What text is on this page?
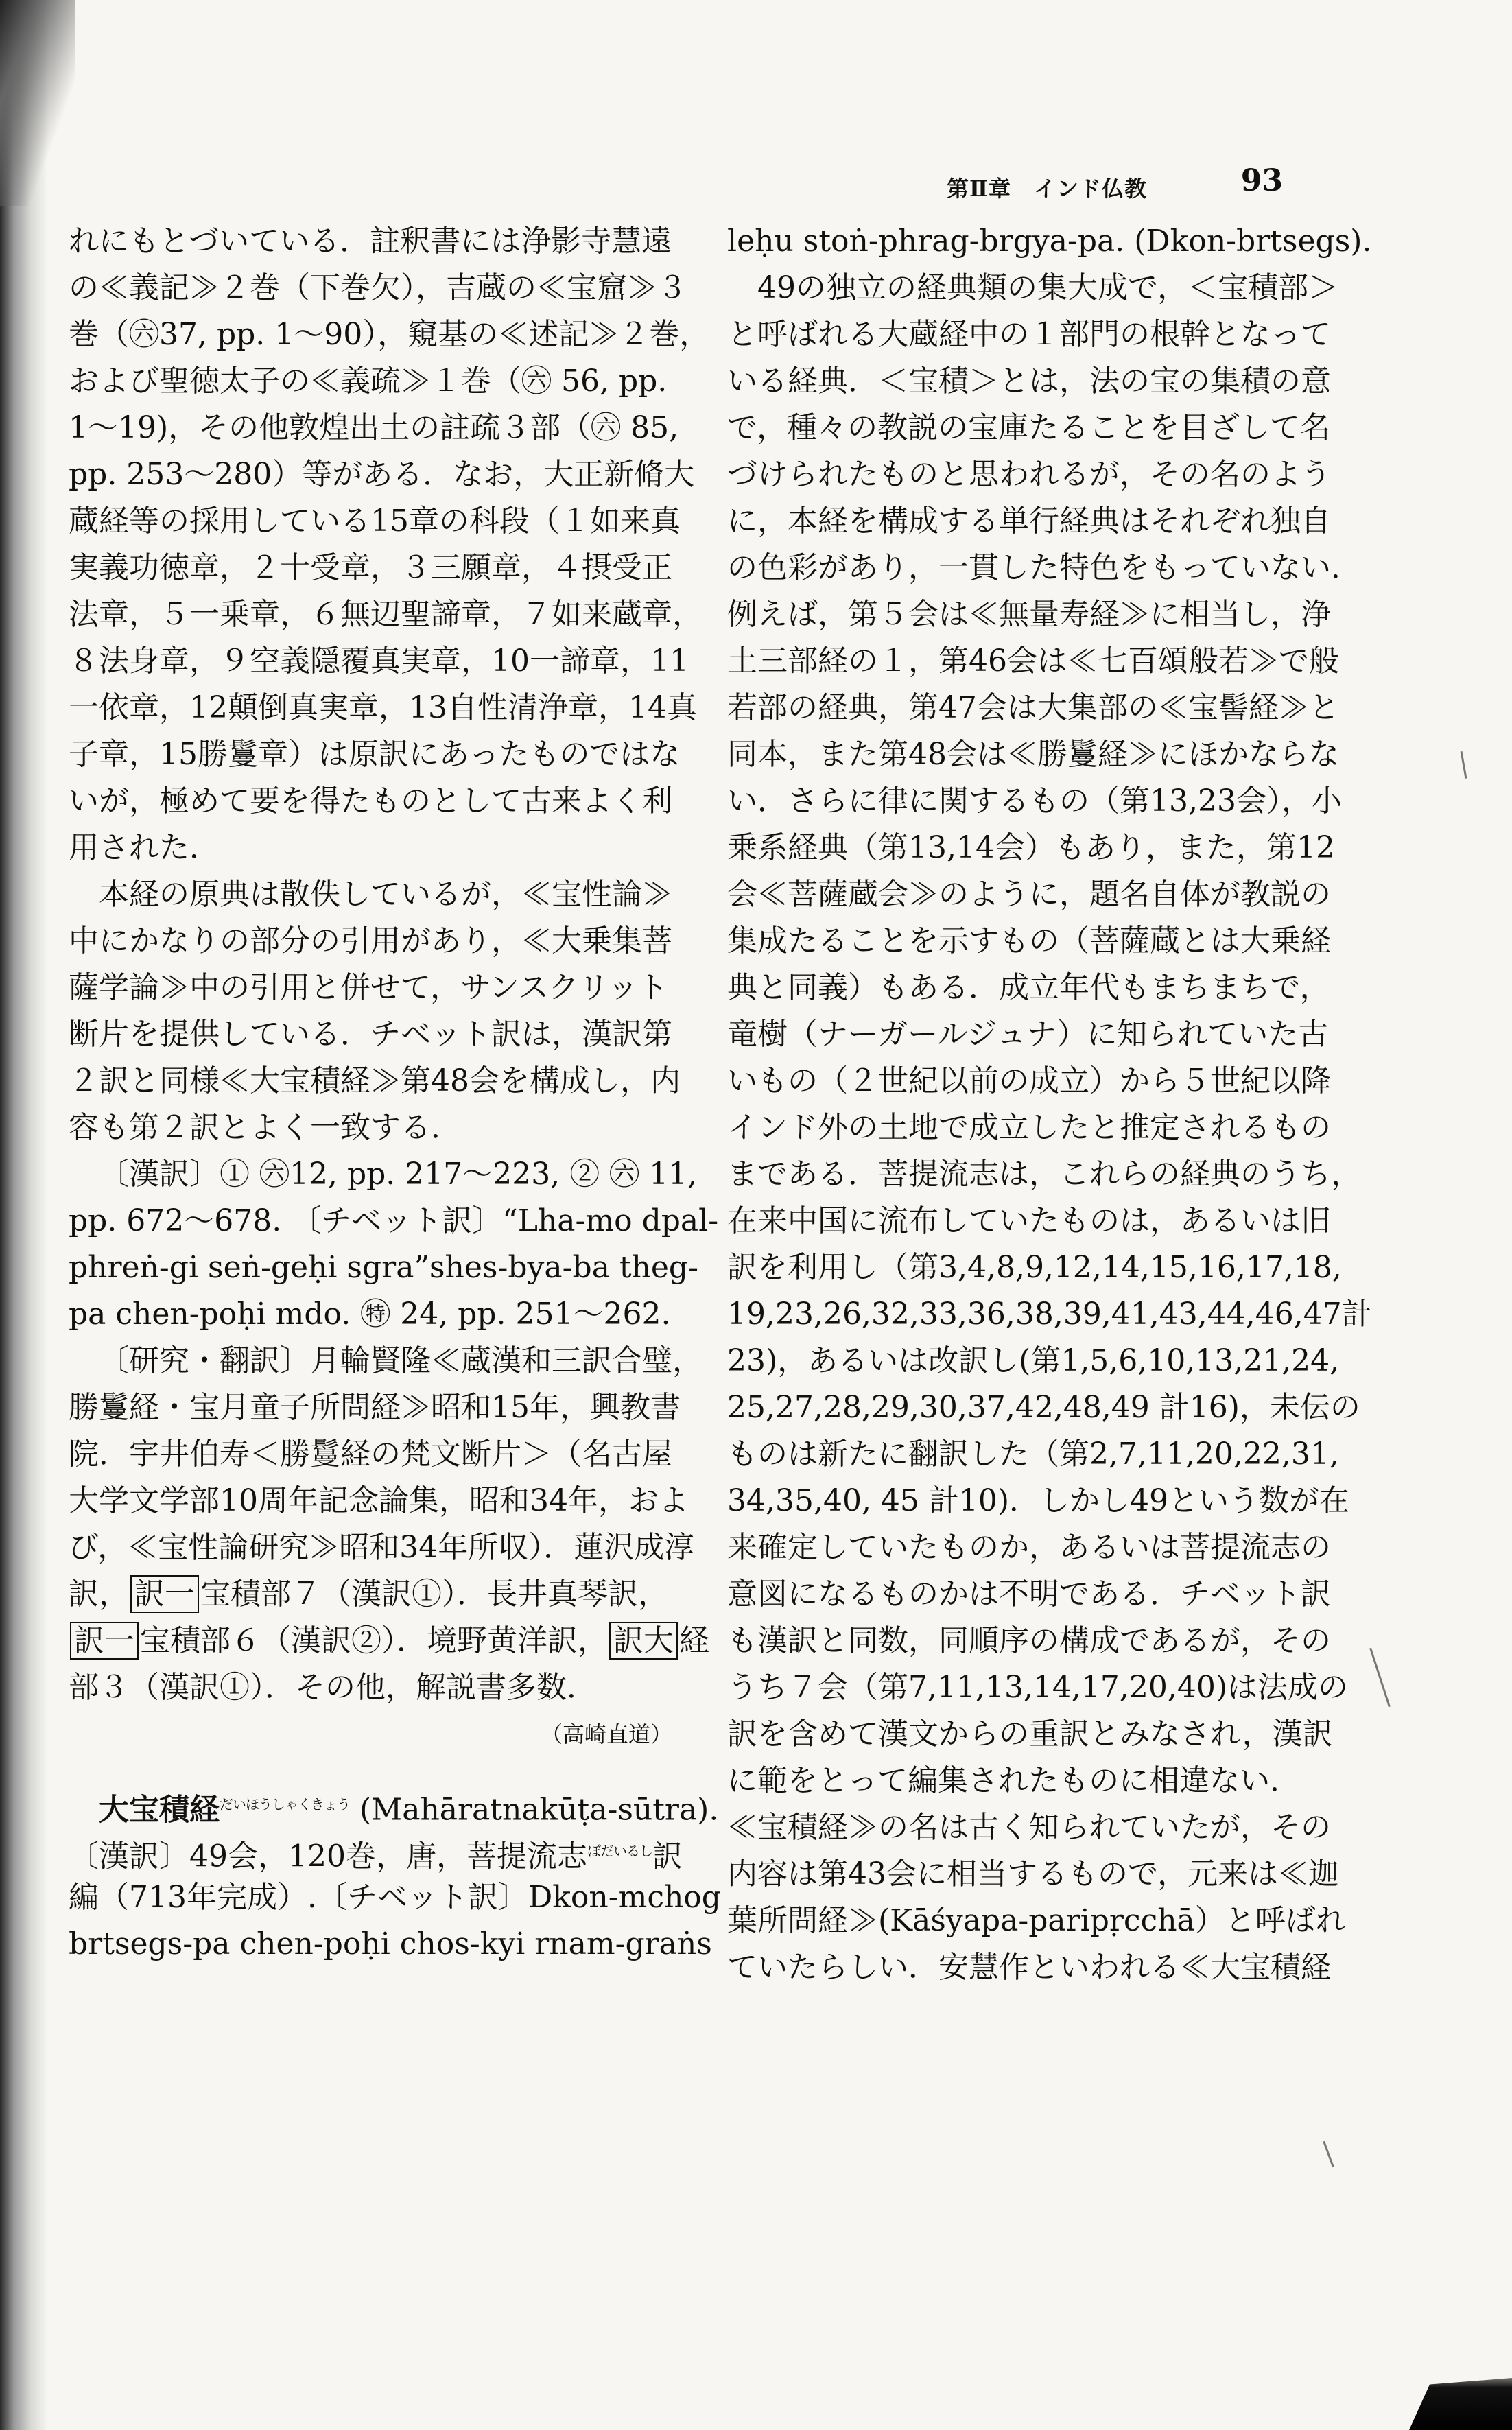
第Ⅱ章　インド仏教	93
れにもとづいている．註釈書には浄影寺慧遠
の≪義記≫２巻（下巻欠），吉蔵の≪宝窟≫３
巻（㊅37, pp. 1～90），窺基の≪述記≫２巻，
および聖徳太子の≪義疏≫１巻（㊅ 56, pp.
1～19)，その他敦煌出土の註疏３部（㊅ 85,
pp. 253～280）等がある．なお，大正新脩大
蔵経等の採用している15章の科段（１如来真
実義功徳章，２十受章，３三願章，４摂受正
法章，５一乗章，６無辺聖諦章，７如来蔵章，
８法身章，９空義隠覆真実章，10一諦章，11
一依章，12顛倒真実章，13自性清浄章，14真
子章，15勝鬘章）は原訳にあったものではな
いが，極めて要を得たものとして古来よく利
用された．
本経の原典は散佚しているが，≪宝性論≫
中にかなりの部分の引用があり，≪大乗集菩
薩学論≫中の引用と併せて，サンスクリット
断片を提供している．チベット訳は，漢訳第
２訳と同様≪大宝積経≫第48会を構成し，内
容も第２訳とよく一致する．
〔漢訳〕① ㊅12, pp. 217～223, ② ㊅ 11,
pp. 672～678. 〔チベット訳〕“Lha-mo dpal-
phreṅ-gi seṅ-geḥi sgra”shes-bya-ba theg-
pa chen-poḥi mdo. ㊕ 24, pp. 251～262.
〔研究・翻訳〕月輪賢隆≪蔵漢和三訳合璧，
勝鬘経・宝月童子所問経≫昭和15年，興教書
院．宇井伯寿＜勝鬘経の梵文断片＞（名古屋
大学文学部10周年記念論集，昭和34年，およ
び，≪宝性論研究≫昭和34年所収）．蓮沢成淳
訳， 訳一 宝積部７（漢訳①）．長井真琴訳，
訳一 宝積部６（漢訳②）．境野黄洋訳， 訳大 経
部３（漢訳①）．その他，解説書多数．
（高崎直道）
大宝積経$^{だいほうしゃくきょう}$ (Mahāratnakūṭa-sūtra).
〔漢訳〕49会，120巻，唐，菩提流志$^{ぼだいるし}$訳
編（713年完成）.〔チベット訳〕Dkon-mchog
brtsegs-pa chen-poḥi chos-kyi rnam-graṅs
leḥu stoṅ-phrag-brgya-pa. (Dkon-brtsegs).
49の独立の経典類の集大成で，＜宝積部＞
と呼ばれる大蔵経中の１部門の根幹となって
いる経典．＜宝積＞とは，法の宝の集積の意
で，種々の教説の宝庫たることを目ざして名
づけられたものと思われるが，その名のよう
に，本経を構成する単行経典はそれぞれ独自
の色彩があり，一貫した特色をもっていない．
例えば，第５会は≪無量寿経≫に相当し，浄
土三部経の１，第46会は≪七百頌般若≫で般
若部の経典，第47会は大集部の≪宝髻経≫と
同本，また第48会は≪勝鬘経≫にほかならな
い．さらに律に関するもの（第13,23会），小
乗系経典（第13,14会）もあり，また，第12
会≪菩薩蔵会≫のように，題名自体が教説の
集成たることを示すもの（菩薩蔵とは大乗経
典と同義）もある．成立年代もまちまちで，
竜樹（ナーガールジュナ）に知られていた古
いもの（２世紀以前の成立）から５世紀以降
インド外の土地で成立したと推定されるもの
まである．菩提流志は，これらの経典のうち，
在来中国に流布していたものは，あるいは旧
訳を利用し（第3,4,8,9,12,14,15,16,17,18,
19,23,26,32,33,36,38,39,41,43,44,46,47計
23)，あるいは改訳し(第1,5,6,10,13,21,24,
25,27,28,29,30,37,42,48,49 計16)，未伝の
ものは新たに翻訳した（第2,7,11,20,22,31,
34,35,40, 45 計10)．しかし49という数が在
来確定していたものか，あるいは菩提流志の
意図になるものかは不明である．チベット訳
も漢訳と同数，同順序の構成であるが，その
うち７会（第7,11,13,14,17,20,40)は法成の
訳を含めて漢文からの重訳とみなされ，漢訳
に範をとって編集されたものに相違ない．
≪宝積経≫の名は古く知られていたが，その
内容は第43会に相当するもので，元来は≪迦
葉所問経≫(Kāśyapa-paripṛcchā）と呼ばれ
ていたらしい．安慧作といわれる≪大宝積経
